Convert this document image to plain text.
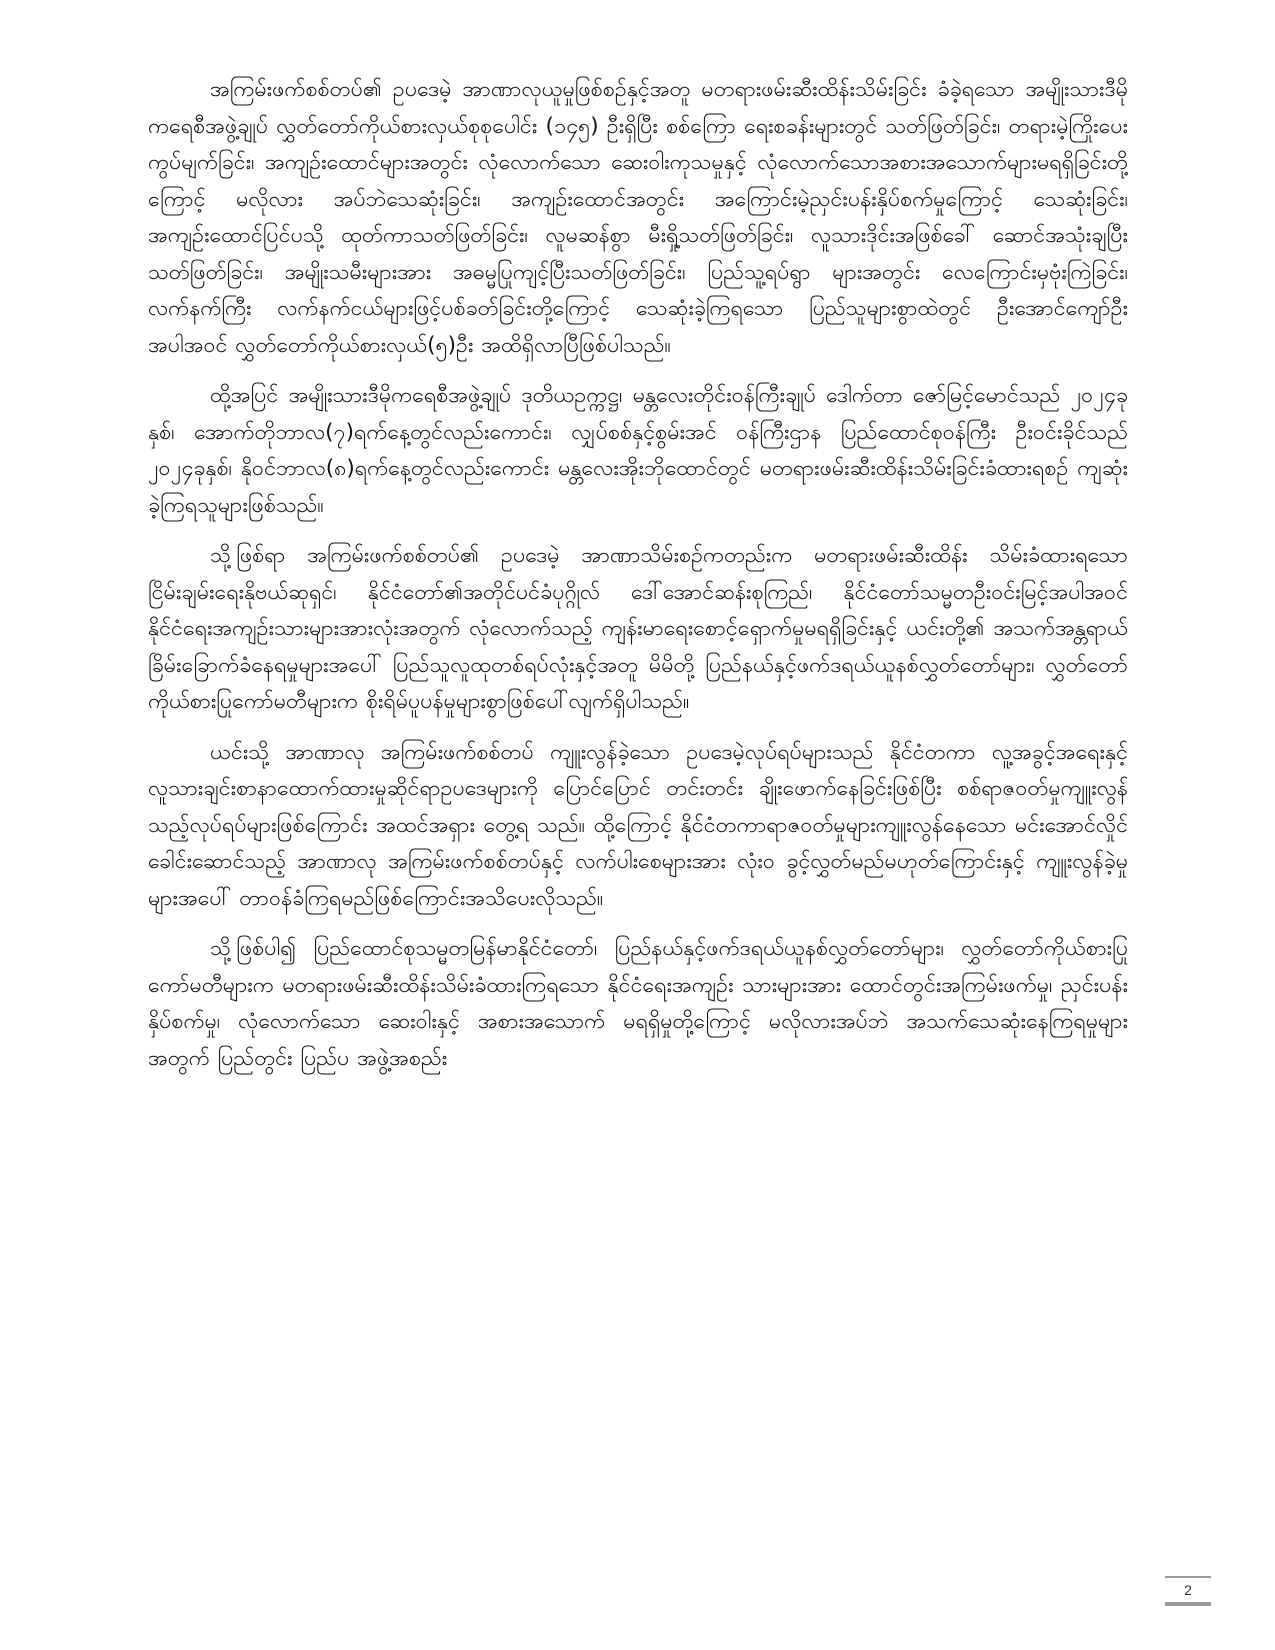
အကြမ်းဖက်စစ်တပ်၏ ဥပဒေမဲ့ အာဏာလုယူမှုဖြစ်စဉ်နှင့်အတူ မတရားဖမ်းဆီးထိန်းသိမ်းခြင်း ခံခဲ့ရသော အမျိုးသားဒီမိုကရေစီအဖွဲ့ချုပ် လွှတ်တော်ကိုယ်စားလှယ်စုစုပေါင်း (၁၄၅) ဦးရှိပြီး စစ်ကြော ရေးစခန်းများတွင် သတ်ဖြတ်ခြင်း၊ တရားမဲ့ကြိုးပေးကွပ်မျက်ခြင်း၊ အကျဉ်းထောင်များအတွင်း လုံလောက်သော ဆေးဝါးကုသမှုနှင့် လုံလောက်သောအစားအသောက်များမရရှိခြင်းတို့ကြောင့် မလိုလား အပ်ဘဲသေဆုံးခြင်း၊ အကျဉ်းထောင်အတွင်း အကြောင်းမဲ့ညှင်းပန်းနှိပ်စက်မှုကြောင့် သေဆုံးခြင်း၊ အကျဉ်းထောင်ပြင်ပသို့ ထုတ်ကာသတ်ဖြတ်ခြင်း၊ လူမဆန်စွာ မီးရှို့သတ်ဖြတ်ခြင်း၊ လူသားဒိုင်းအဖြစ်ခေါ် ဆောင်အသုံးချပြီး သတ်ဖြတ်ခြင်း၊ အမျိုးသမီးများအား အဓမ္မပြုကျင့်ပြီးသတ်ဖြတ်ခြင်း၊ ပြည်သူ့ရပ်ရွာ များအတွင်း လေကြောင်းမှဗုံးကြဲခြင်း၊ လက်နက်ကြီး လက်နက်ငယ်များဖြင့်ပစ်ခတ်ခြင်းတို့ကြောင့် သေဆုံးခဲ့ကြရသော ပြည်သူများစွာထဲတွင် ဦးအောင်ကျော်ဦးအပါအဝင် လွှတ်တော်ကိုယ်စားလှယ်(၅)ဦး အထိရှိလာပြီဖြစ်ပါသည်။

ထို့အပြင် အမျိုးသားဒီမိုကရေစီအဖွဲ့ချုပ် ဒုတိယဥက္ကဋ္ဌ၊ မန္တလေးတိုင်းဝန်ကြီးချုပ် ဒေါက်တာ ဇော်မြင့်မောင်သည် ၂၀၂၄ခုနှစ်၊ အောက်တိုဘာလ(၇)ရက်နေ့တွင်လည်းကောင်း၊ လျှပ်စစ်နှင့်စွမ်းအင် ဝန်ကြီးဌာန ပြည်ထောင်စုဝန်ကြီး ဦးဝင်းခိုင်သည် ၂၀၂၄ခုနှစ်၊ နိုဝင်ဘာလ(၈)ရက်နေ့တွင်လည်းကောင်း မန္တလေးအိုးဘိုထောင်တွင် မတရားဖမ်းဆီးထိန်းသိမ်းခြင်းခံထားရစဉ် ကျဆုံးခဲ့ကြရသူများဖြစ်သည်။

သို့ဖြစ်ရာ အကြမ်းဖက်စစ်တပ်၏ ဥပဒေမဲ့ အာဏာသိမ်းစဉ်ကတည်းက မတရားဖမ်းဆီးထိန်း သိမ်းခံထားရသော ငြိမ်းချမ်းရေးနိုဗယ်ဆုရှင်၊ နိုင်ငံတော်၏အတိုင်ပင်ခံပုဂ္ဂိုလ် ဒေါ်အောင်ဆန်းစုကြည်၊ နိုင်ငံတော်သမ္မတဦးဝင်းမြင့်အပါအဝင် နိုင်ငံရေးအကျဉ်းသားများအားလုံးအတွက် လုံလောက်သည့် ကျန်းမာရေးစောင့်ရှောက်မှုမရရှိခြင်းနှင့် ယင်းတို့၏ အသက်အန္တရာယ်ခြိမ်းခြောက်ခံနေရမှုများအပေါ် ပြည်သူလူထုတစ်ရပ်လုံးနှင့်အတူ မိမိတို့ ပြည်နယ်နှင့်ဖက်ဒရယ်ယူနစ်လွှတ်တော်များ၊ လွှတ်တော် ကိုယ်စားပြုကော်မတီများက စိုးရိမ်ပူပန်မှုများစွာဖြစ်ပေါ်လျက်ရှိပါသည်။

ယင်းသို့ အာဏာလု အကြမ်းဖက်စစ်တပ် ကျူးလွန်ခဲ့သော ဥပဒေမဲ့လုပ်ရပ်များသည် နိုင်ငံတကာ လူ့အခွင့်အရေးနှင့် လူသားချင်းစာနာထောက်ထားမှုဆိုင်ရာဥပဒေများကို ပြောင်ပြောင် တင်းတင်း ချိုးဖောက်နေခြင်းဖြစ်ပြီး စစ်ရာဇဝတ်မှုကျူးလွန်သည့်လုပ်ရပ်များဖြစ်ကြောင်း အထင်အရှား တွေ့ရ သည်။ ထို့ကြောင့် နိုင်ငံတကာရာဇဝတ်မှုများကျူးလွန်နေသော မင်းအောင်လှိုင်ခေါင်းဆောင်သည့် အာဏာလု အကြမ်းဖက်စစ်တပ်နှင့် လက်ပါးစေများအား လုံးဝ ခွင့်လွှတ်မည်မဟုတ်ကြောင်းနှင့် ကျူးလွန်ခဲ့မှုများအပေါ် တာဝန်ခံကြရမည်ဖြစ်ကြောင်းအသိပေးလိုသည်။

သို့ဖြစ်ပါ၍ ပြည်ထောင်စုသမ္မတမြန်မာနိုင်ငံတော်၊ ပြည်နယ်နှင့်ဖက်ဒရယ်ယူနစ်လွှတ်တော်များ၊ လွှတ်တော်ကိုယ်စားပြုကော်မတီများက မတရားဖမ်းဆီးထိန်းသိမ်းခံထားကြရသော နိုင်ငံရေးအကျဉ်း သားများအား ထောင်တွင်းအကြမ်းဖက်မှု၊ ညှင်းပန်းနှိပ်စက်မှု၊ လုံလောက်သော ဆေးဝါးနှင့် အစားအသောက် မရရှိမှုတို့ကြောင့် မလိုလားအပ်ဘဲ အသက်သေဆုံးနေကြရမှုများအတွက် ပြည်တွင်း ပြည်ပ အဖွဲ့အစည်း

2
